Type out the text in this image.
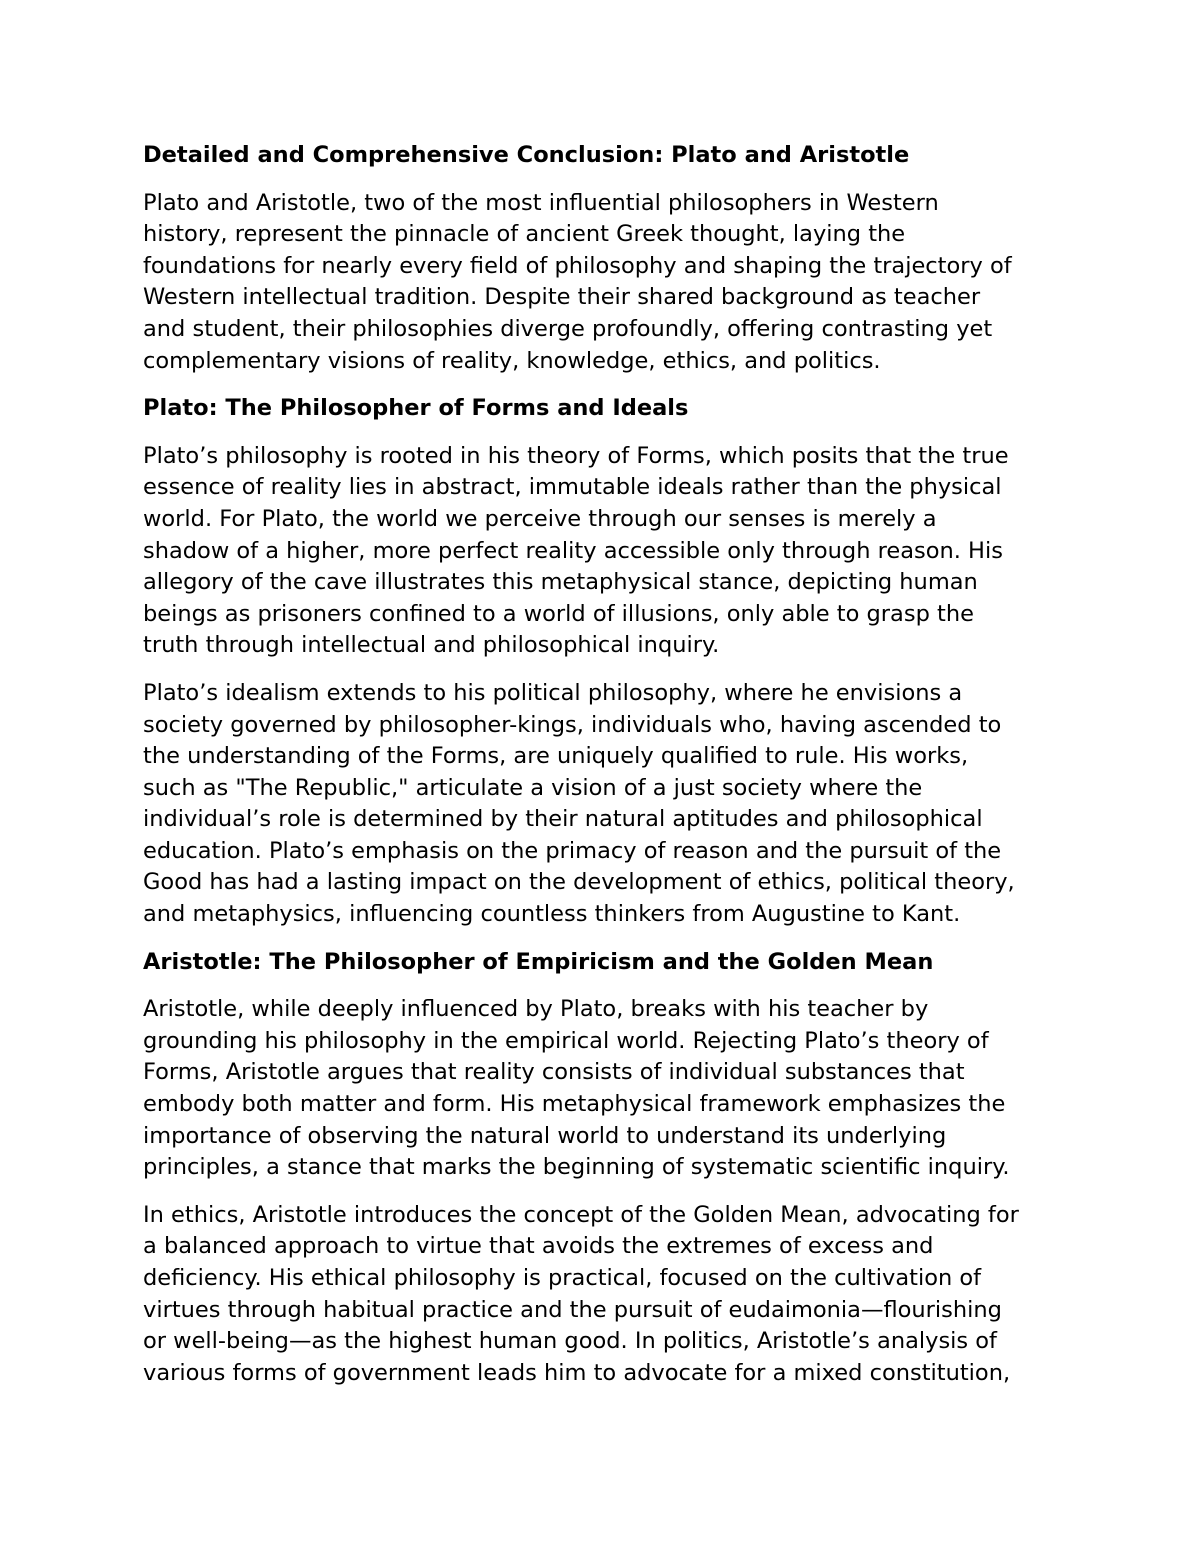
Detailed and Comprehensive Conclusion: Plato and Aristotle
Plato and Aristotle, two of the most influential philosophers in Western
history, represent the pinnacle of ancient Greek thought, laying the
foundations for nearly every field of philosophy and shaping the trajectory of
Western intellectual tradition. Despite their shared background as teacher
and student, their philosophies diverge profoundly, offering contrasting yet
complementary visions of reality, knowledge, ethics, and politics.
Plato: The Philosopher of Forms and Ideals
Plato’s philosophy is rooted in his theory of Forms, which posits that the true
essence of reality lies in abstract, immutable ideals rather than the physical
world. For Plato, the world we perceive through our senses is merely a
shadow of a higher, more perfect reality accessible only through reason. His
allegory of the cave illustrates this metaphysical stance, depicting human
beings as prisoners confined to a world of illusions, only able to grasp the
truth through intellectual and philosophical inquiry.
Plato’s idealism extends to his political philosophy, where he envisions a
society governed by philosopher-kings, individuals who, having ascended to
the understanding of the Forms, are uniquely qualified to rule. His works,
such as "The Republic," articulate a vision of a just society where the
individual’s role is determined by their natural aptitudes and philosophical
education. Plato’s emphasis on the primacy of reason and the pursuit of the
Good has had a lasting impact on the development of ethics, political theory,
and metaphysics, influencing countless thinkers from Augustine to Kant.
Aristotle: The Philosopher of Empiricism and the Golden Mean
Aristotle, while deeply influenced by Plato, breaks with his teacher by
grounding his philosophy in the empirical world. Rejecting Plato’s theory of
Forms, Aristotle argues that reality consists of individual substances that
embody both matter and form. His metaphysical framework emphasizes the
importance of observing the natural world to understand its underlying
principles, a stance that marks the beginning of systematic scientific inquiry.
In ethics, Aristotle introduces the concept of the Golden Mean, advocating for
a balanced approach to virtue that avoids the extremes of excess and
deficiency. His ethical philosophy is practical, focused on the cultivation of
virtues through habitual practice and the pursuit of eudaimonia—flourishing
or well-being—as the highest human good. In politics, Aristotle’s analysis of
various forms of government leads him to advocate for a mixed constitution,
